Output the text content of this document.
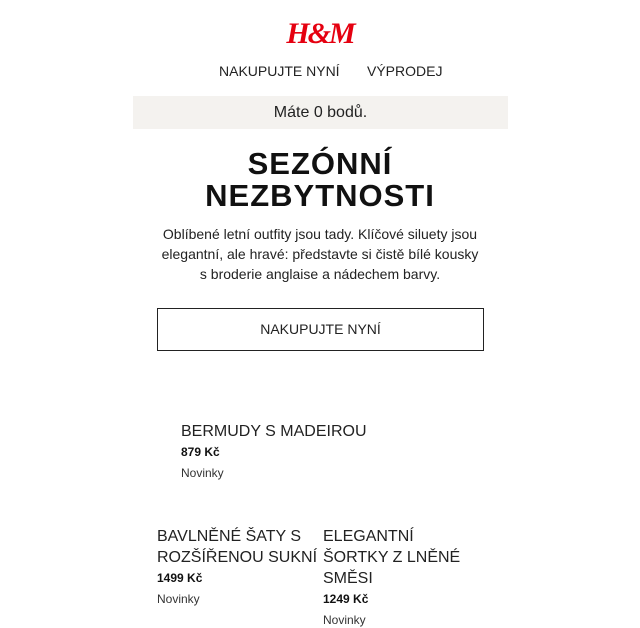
H&M
NAKUPUJTE NYNÍ VÝPRODEJ
Máte 0 bodů.
SEZÓNNÍ
NEZBYTNOSTI
Oblíbené letní outfity jsou tady. Klíčové siluety jsou elegantní, ale hravé: představte si čistě bílé kousky s broderie anglaise a nádechem barvy.
NAKUPUJTE NYNÍ
BERMUDY S MADEIROU
879 Kč
Novinky
BAVLNĚNÉ ŠATY S ROZŠÍŘENOU SUKNÍ
1499 Kč
Novinky
ELEGANTNÍ ŠORTKY Z LNĚNÉ SMĚSI
1249 Kč
Novinky
